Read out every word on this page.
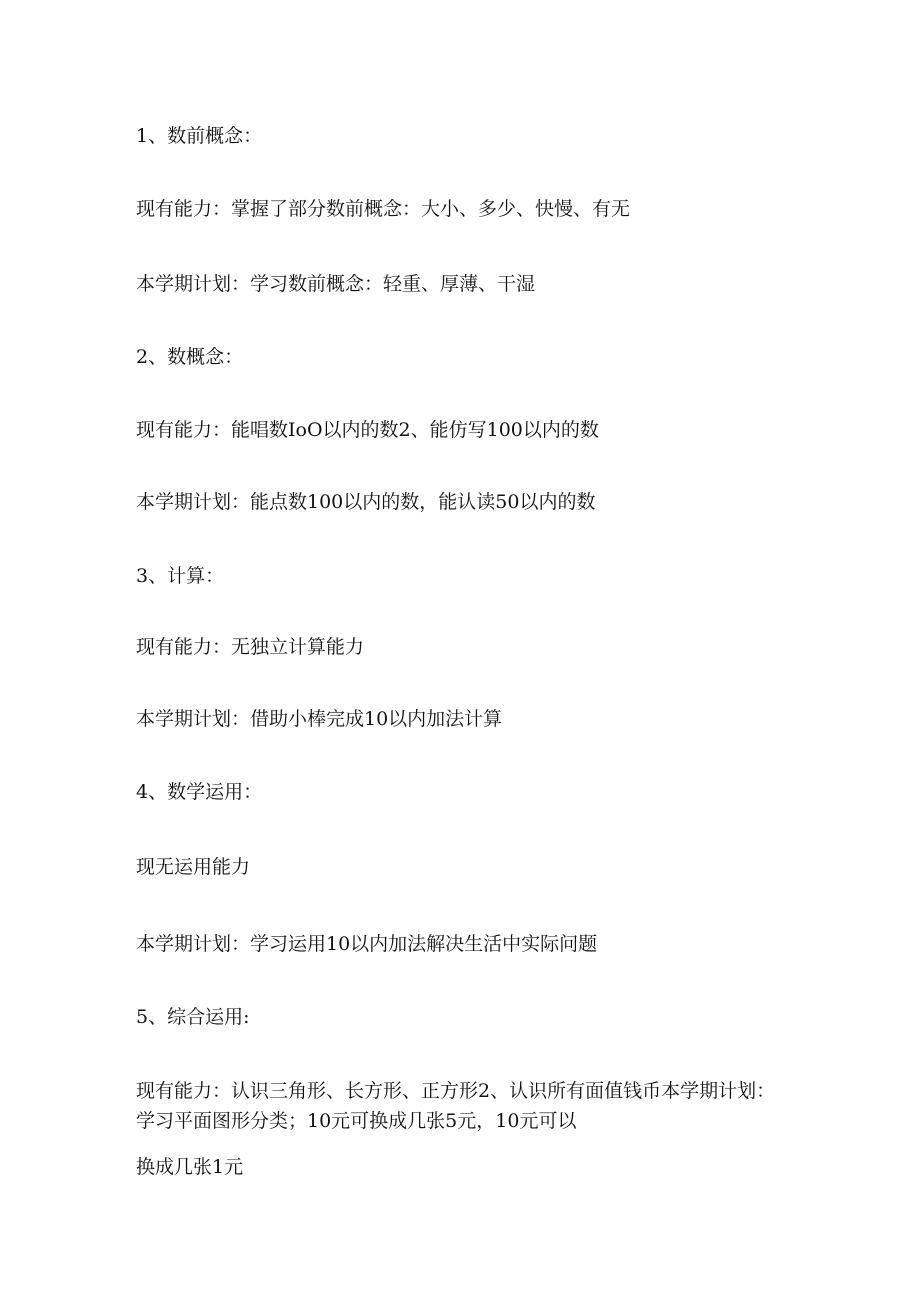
1、数前概念：

现有能力：掌握了部分数前概念：大小、多少、快慢、有无

本学期计划：学习数前概念：轻重、厚薄、干湿

2、数概念：

现有能力：能唱数IoO以内的数2、能仿写100以内的数

本学期计划：能点数100以内的数，能认读50以内的数

3、计算：

现有能力：无独立计算能力

本学期计划：借助小棒完成10以内加法计算

4、数学运用：

现无运用能力

本学期计划：学习运用10以内加法解决生活中实际问题

5、综合运用:

现有能力：认识三角形、长方形、正方形2、认识所有面值钱币本学期计划：学习平面图形分类；10元可换成几张5元，10元可以

换成几张1元
